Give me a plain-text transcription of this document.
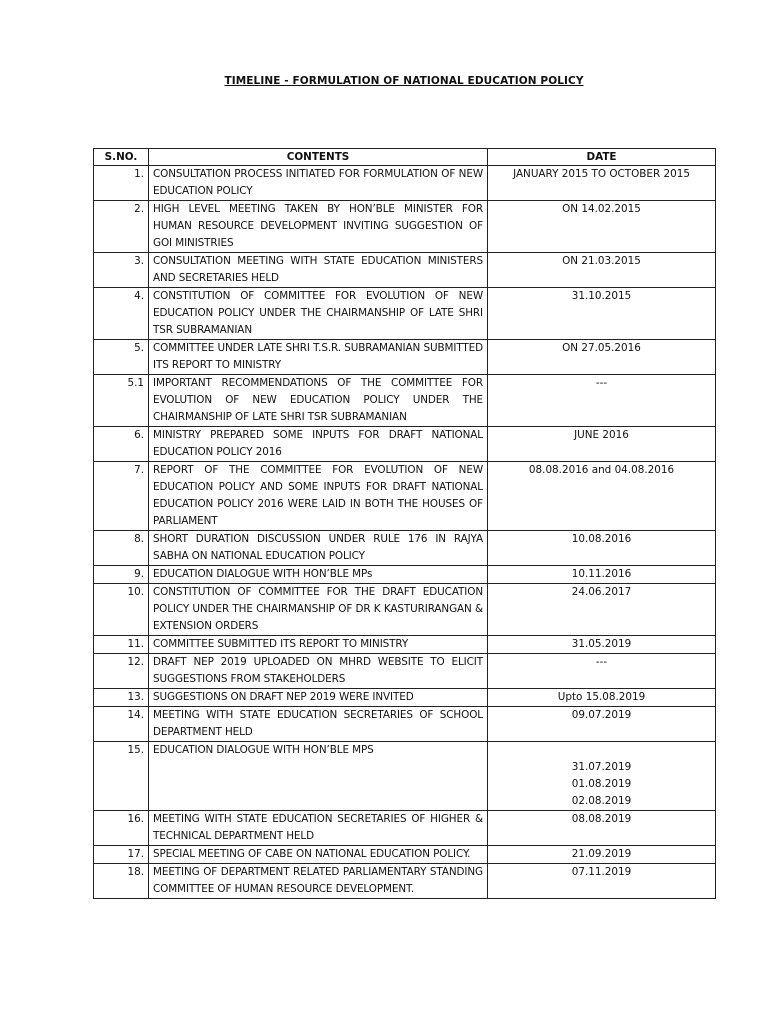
TIMELINE - FORMULATION OF NATIONAL EDUCATION POLICY
S.NO.	CONTENTS	DATE
1.	CONSULTATION PROCESS INITIATED FOR FORMULATION OF NEW EDUCATION POLICY	JANUARY 2015 TO OCTOBER 2015

2.	HIGH LEVEL MEETING TAKEN BY HON’BLE MINISTER FOR HUMAN RESOURCE DEVELOPMENT INVITING SUGGESTION OF GOI MINISTRIES	ON 14.02.2015

3.	CONSULTATION MEETING WITH STATE EDUCATION MINISTERS AND SECRETARIES HELD	ON 21.03.2015

4.	CONSTITUTION OF COMMITTEE FOR EVOLUTION OF NEW EDUCATION POLICY UNDER THE CHAIRMANSHIP OF LATE SHRI TSR SUBRAMANIAN	31.10.2015

5.	COMMITTEE UNDER LATE SHRI T.S.R. SUBRAMANIAN SUBMITTED ITS REPORT TO MINISTRY	ON 27.05.2016

5.1	IMPORTANT RECOMMENDATIONS OF THE COMMITTEE FOR EVOLUTION OF NEW EDUCATION POLICY UNDER THE CHAIRMANSHIP OF LATE SHRI TSR SUBRAMANIAN	---

6.	MINISTRY PREPARED SOME INPUTS FOR DRAFT NATIONAL EDUCATION POLICY 2016	JUNE 2016

7.	REPORT OF THE COMMITTEE FOR EVOLUTION OF NEW EDUCATION POLICY AND SOME INPUTS FOR DRAFT NATIONAL EDUCATION POLICY 2016 WERE LAID IN BOTH THE HOUSES OF PARLIAMENT	08.08.2016 and 04.08.2016

8.	SHORT DURATION DISCUSSION UNDER RULE 176 IN RAJYA SABHA ON NATIONAL EDUCATION POLICY	10.08.2016

9.	EDUCATION DIALOGUE WITH HON’BLE MPs	10.11.2016

10.	CONSTITUTION OF COMMITTEE FOR THE DRAFT EDUCATION POLICY UNDER THE CHAIRMANSHIP OF DR K KASTURIRANGAN & EXTENSION ORDERS	24.06.2017

11.	COMMITTEE SUBMITTED ITS REPORT TO MINISTRY	31.05.2019

12.	DRAFT NEP 2019 UPLOADED ON MHRD WEBSITE TO ELICIT SUGGESTIONS FROM STAKEHOLDERS	---

13.	SUGGESTIONS ON DRAFT NEP 2019 WERE INVITED	Upto 15.08.2019

14.	MEETING WITH STATE EDUCATION SECRETARIES OF SCHOOL DEPARTMENT HELD	09.07.2019

15.	EDUCATION DIALOGUE WITH HON’BLE MPS	31.07.2019
01.08.2019
02.08.2019

16.	MEETING WITH STATE EDUCATION SECRETARIES OF HIGHER & TECHNICAL DEPARTMENT HELD	08.08.2019

17.	SPECIAL MEETING OF CABE ON NATIONAL EDUCATION POLICY.	21.09.2019

18.	MEETING OF DEPARTMENT RELATED PARLIAMENTARY STANDING COMMITTEE OF HUMAN RESOURCE DEVELOPMENT.	07.11.2019
